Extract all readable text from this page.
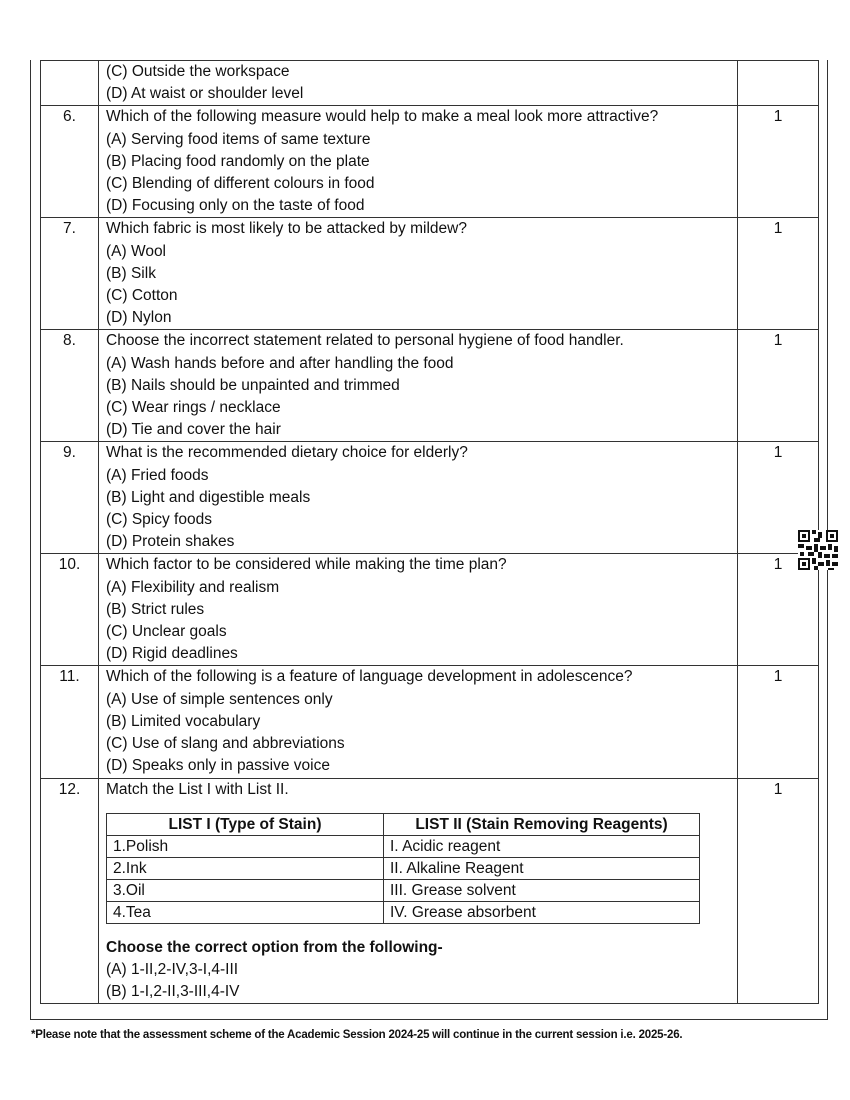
(C) Outside the workspace
(D) At waist or shoulder level

6.	Which of the following measure would help to make a meal look more attractive?
(A) Serving food items of same texture
(B) Placing food randomly on the plate
(C) Blending of different colours in food
(D) Focusing only on the taste of food
	1
7.	Which fabric is most likely to be attacked by mildew?
(A) Wool
(B) Silk
(C) Cotton
(D) Nylon
	1
8.	Choose the incorrect statement related to personal hygiene of food handler.
(A) Wash hands before and after handling the food
(B) Nails should be unpainted and trimmed
(C) Wear rings / necklace
(D) Tie and cover the hair
	1
9.	What is the recommended dietary choice for elderly?
(A) Fried foods
(B) Light and digestible meals
(C) Spicy foods
(D) Protein shakes
	1
10.	Which factor to be considered while making the time plan?
(A) Flexibility and realism
(B) Strict rules
(C) Unclear goals
(D) Rigid deadlines
	1
11.	Which of the following is a feature of language development in adolescence?
(A) Use of simple sentences only
(B) Limited vocabulary
(C) Use of slang and abbreviations
(D) Speaks only in passive voice
	1
12.	Match the List I with List II.
LIST I (Type of Stain)	LIST II (Stain Removing Reagents)
1.Polish	I. Acidic reagent
2.Ink	II. Alkaline Reagent
3.Oil	III. Grease solvent
4.Tea	IV. Grease absorbent
Choose the correct option from the following-
(A) 1-II,2-IV,3-I,4-III
(B) 1-I,2-II,3-III,4-IV
	1
*Please note that the assessment scheme of the Academic Session 2024-25 will continue in the current session i.e. 2025-26.
